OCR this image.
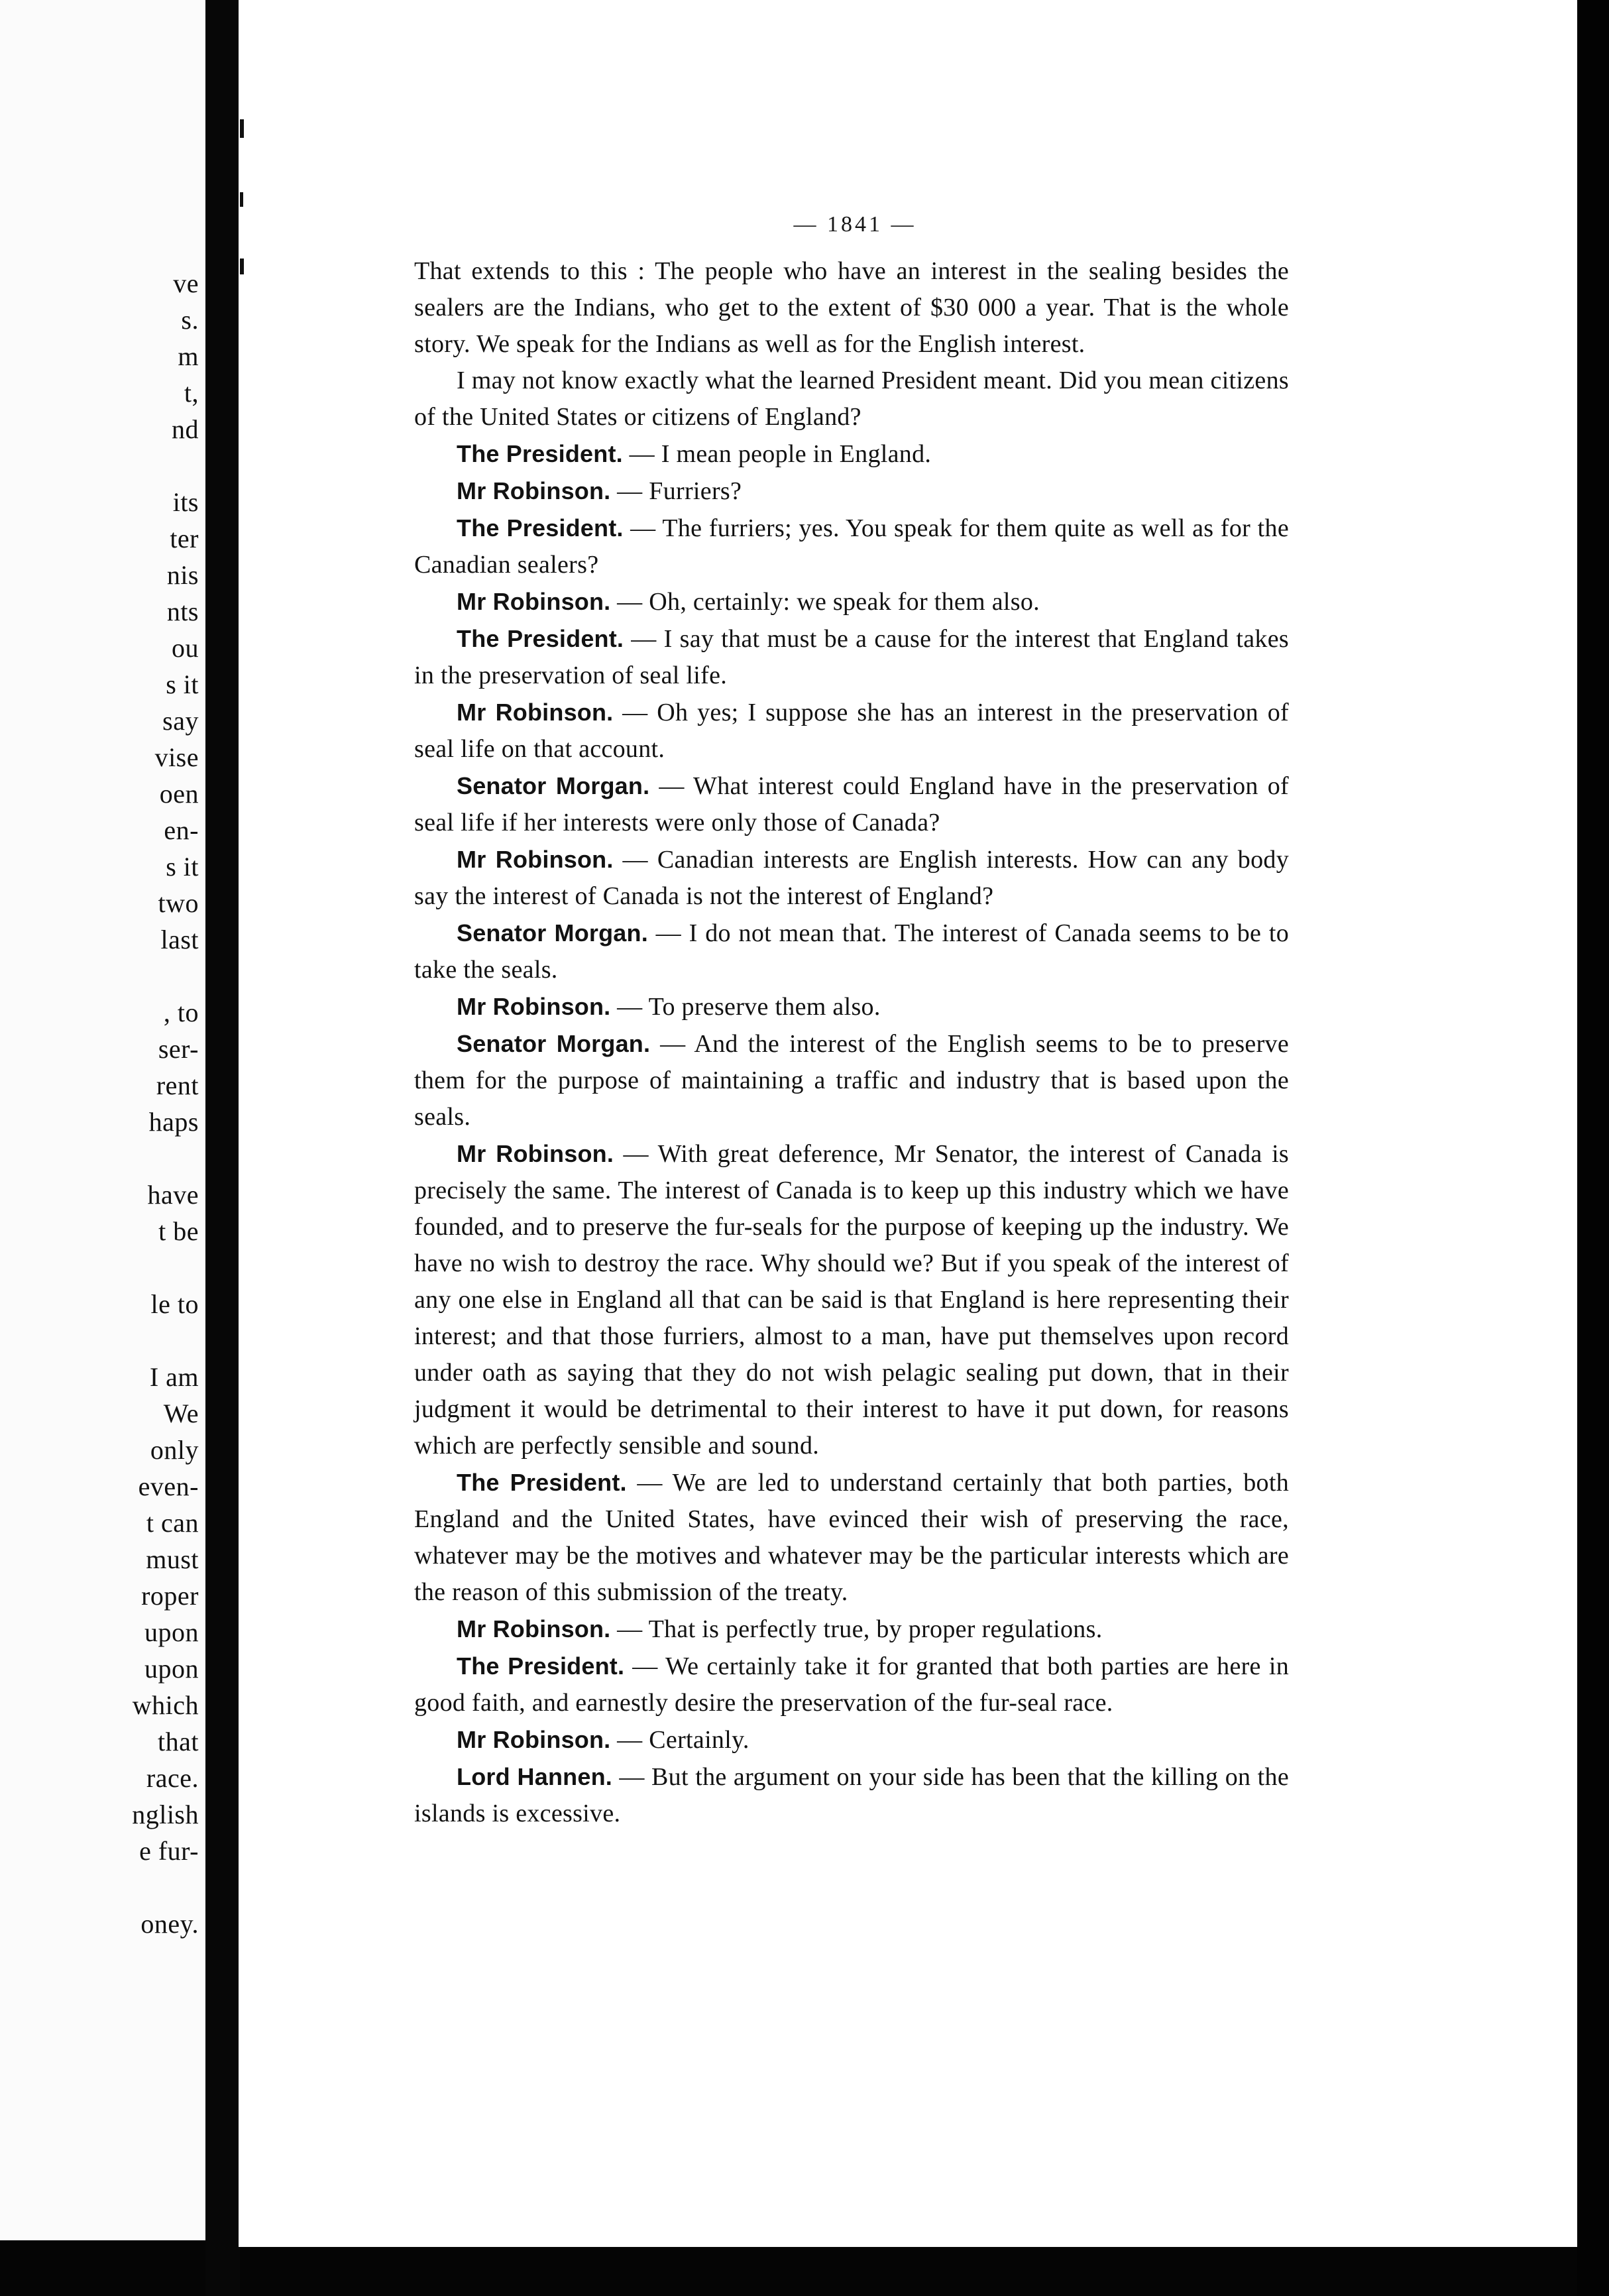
ve
s.
m
t,
nd
its
ter
nis
nts
ou
s it
say
vise
oen
en-
s it
two
last
, to
ser-
rent
haps
have
t be
le to
I am
We
only
even-
t can
must
roper
upon
upon
which
that
race.
nglish
e fur-
oney.
— 1841 —

That extends to this : The people who have an interest in the sealing besides the sealers are the Indians, who get to the extent of $30 000 a year. That is the whole story. We speak for the Indians as well as for the English interest.

I may not know exactly what the learned President meant. Did you mean citizens of the United States or citizens of England?

The President. — I mean people in England.

Mr Robinson. — Furriers?

The President. — The furriers; yes. You speak for them quite as well as for the Canadian sealers?

Mr Robinson. — Oh, certainly: we speak for them also.

The President. — I say that must be a cause for the interest that England takes in the preservation of seal life.

Mr Robinson. — Oh yes; I suppose she has an interest in the preservation of seal life on that account.

Senator Morgan. — What interest could England have in the preservation of seal life if her interests were only those of Canada?

Mr Robinson. — Canadian interests are English interests. How can any body say the interest of Canada is not the interest of England?

Senator Morgan. — I do not mean that. The interest of Canada seems to be to take the seals.

Mr Robinson. — To preserve them also.

Senator Morgan. — And the interest of the English seems to be to preserve them for the purpose of maintaining a traffic and industry that is based upon the seals.

Mr Robinson. — With great deference, Mr Senator, the interest of Canada is precisely the same. The interest of Canada is to keep up this industry which we have founded, and to preserve the fur-seals for the purpose of keeping up the industry. We have no wish to destroy the race. Why should we? But if you speak of the interest of any one else in England all that can be said is that England is here representing their interest; and that those furriers, almost to a man, have put themselves upon record under oath as saying that they do not wish pelagic sealing put down, that in their judgment it would be detrimental to their interest to have it put down, for reasons which are perfectly sensible and sound.

The President. — We are led to understand certainly that both parties, both England and the United States, have evinced their wish of preserving the race, whatever may be the motives and whatever may be the particular interests which are the reason of this submission of the treaty.

Mr Robinson. — That is perfectly true, by proper regulations.

The President. — We certainly take it for granted that both parties are here in good faith, and earnestly desire the preservation of the fur-seal race.

Mr Robinson. — Certainly.

Lord Hannen. — But the argument on your side has been that the killing on the islands is excessive.
